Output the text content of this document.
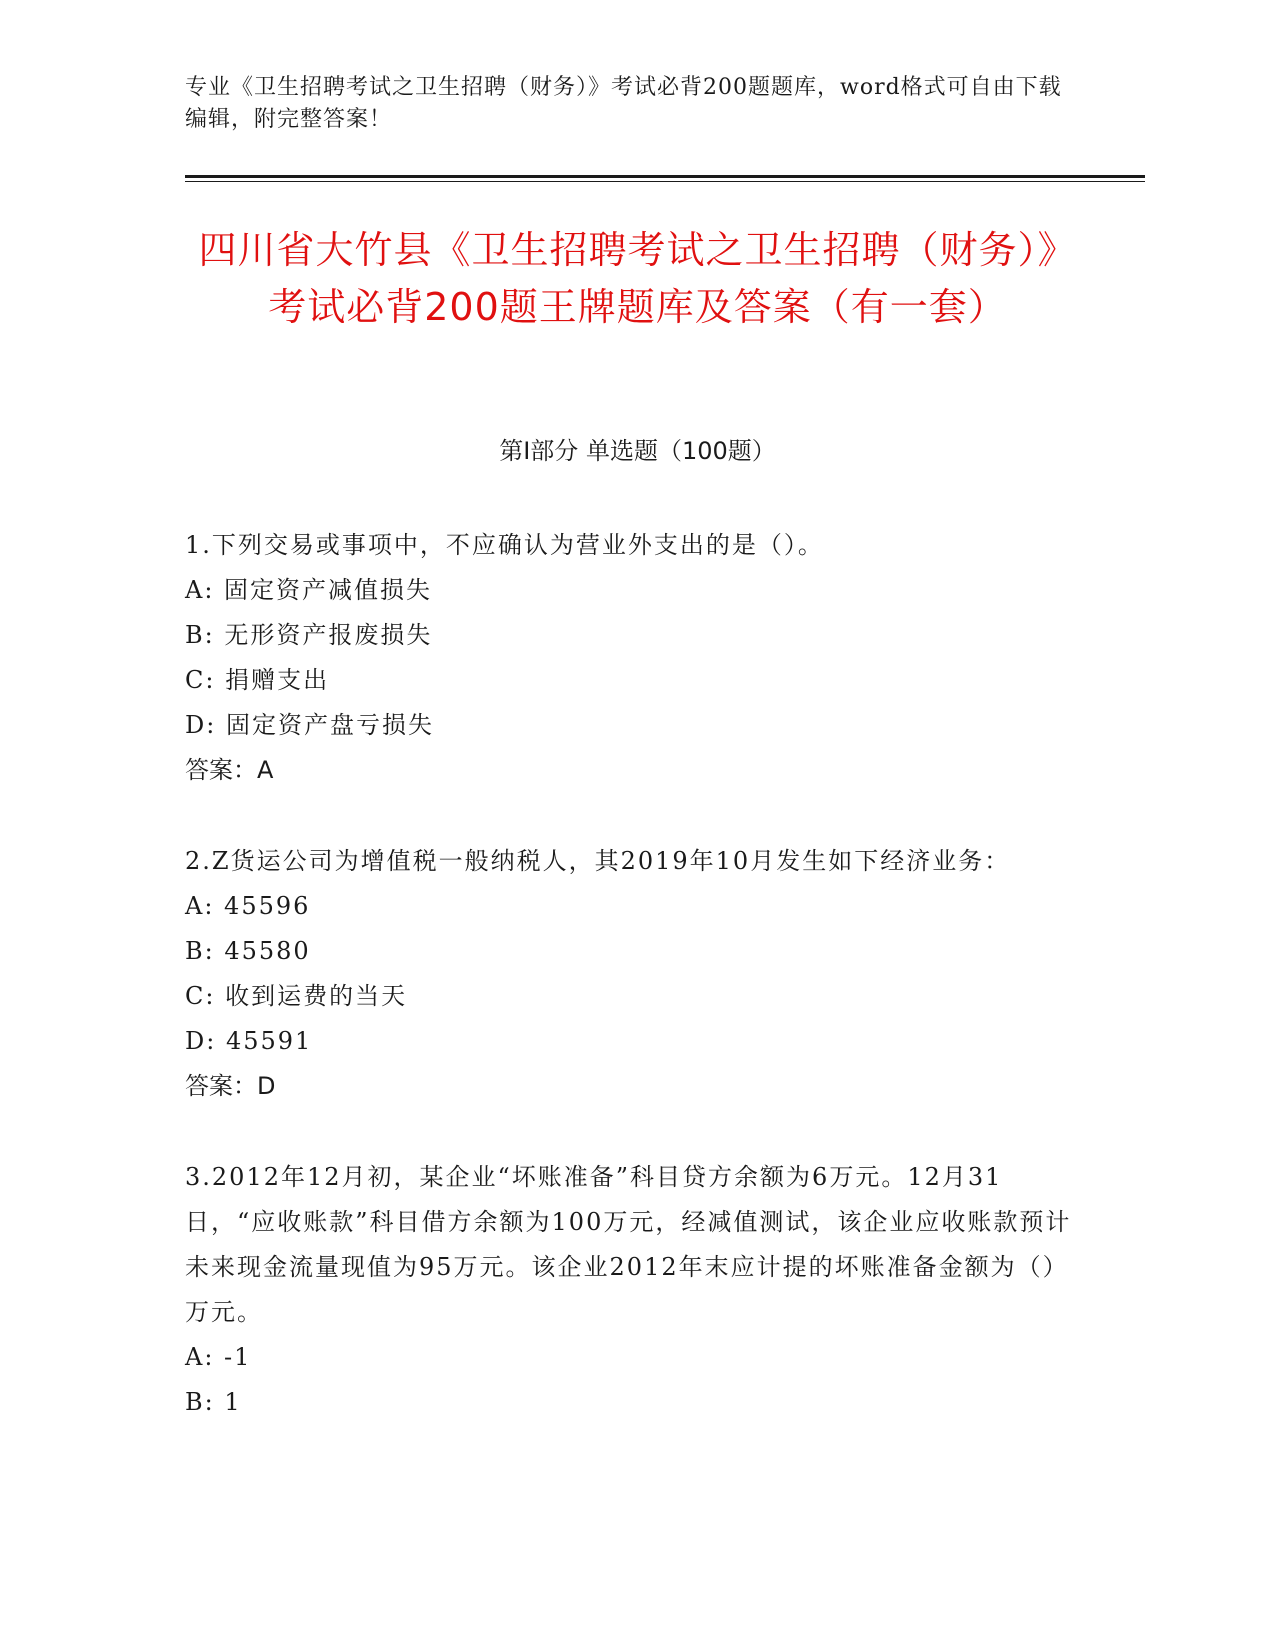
专业《卫生招聘考试之卫生招聘（财务）》考试必背200题题库，word格式可自由下载编辑，附完整答案！
四川省大竹县《卫生招聘考试之卫生招聘（财务）》考试必背200题王牌题库及答案（有一套）
第I部分 单选题（100题）
1.下列交易或事项中，不应确认为营业外支出的是（）。
A: 固定资产减值损失
B: 无形资产报废损失
C: 捐赠支出
D: 固定资产盘亏损失
答案：A
2.Z货运公司为增值税一般纳税人，其2019年10月发生如下经济业务：
A: 45596
B: 45580
C: 收到运费的当天
D: 45591
答案：D
3.2012年12月初，某企业“坏账准备”科目贷方余额为6万元。12月31日，“应收账款”科目借方余额为100万元，经减值测试，该企业应收账款预计未来现金流量现值为95万元。该企业2012年末应计提的坏账准备金额为（）万元。
A: -1
B: 1
